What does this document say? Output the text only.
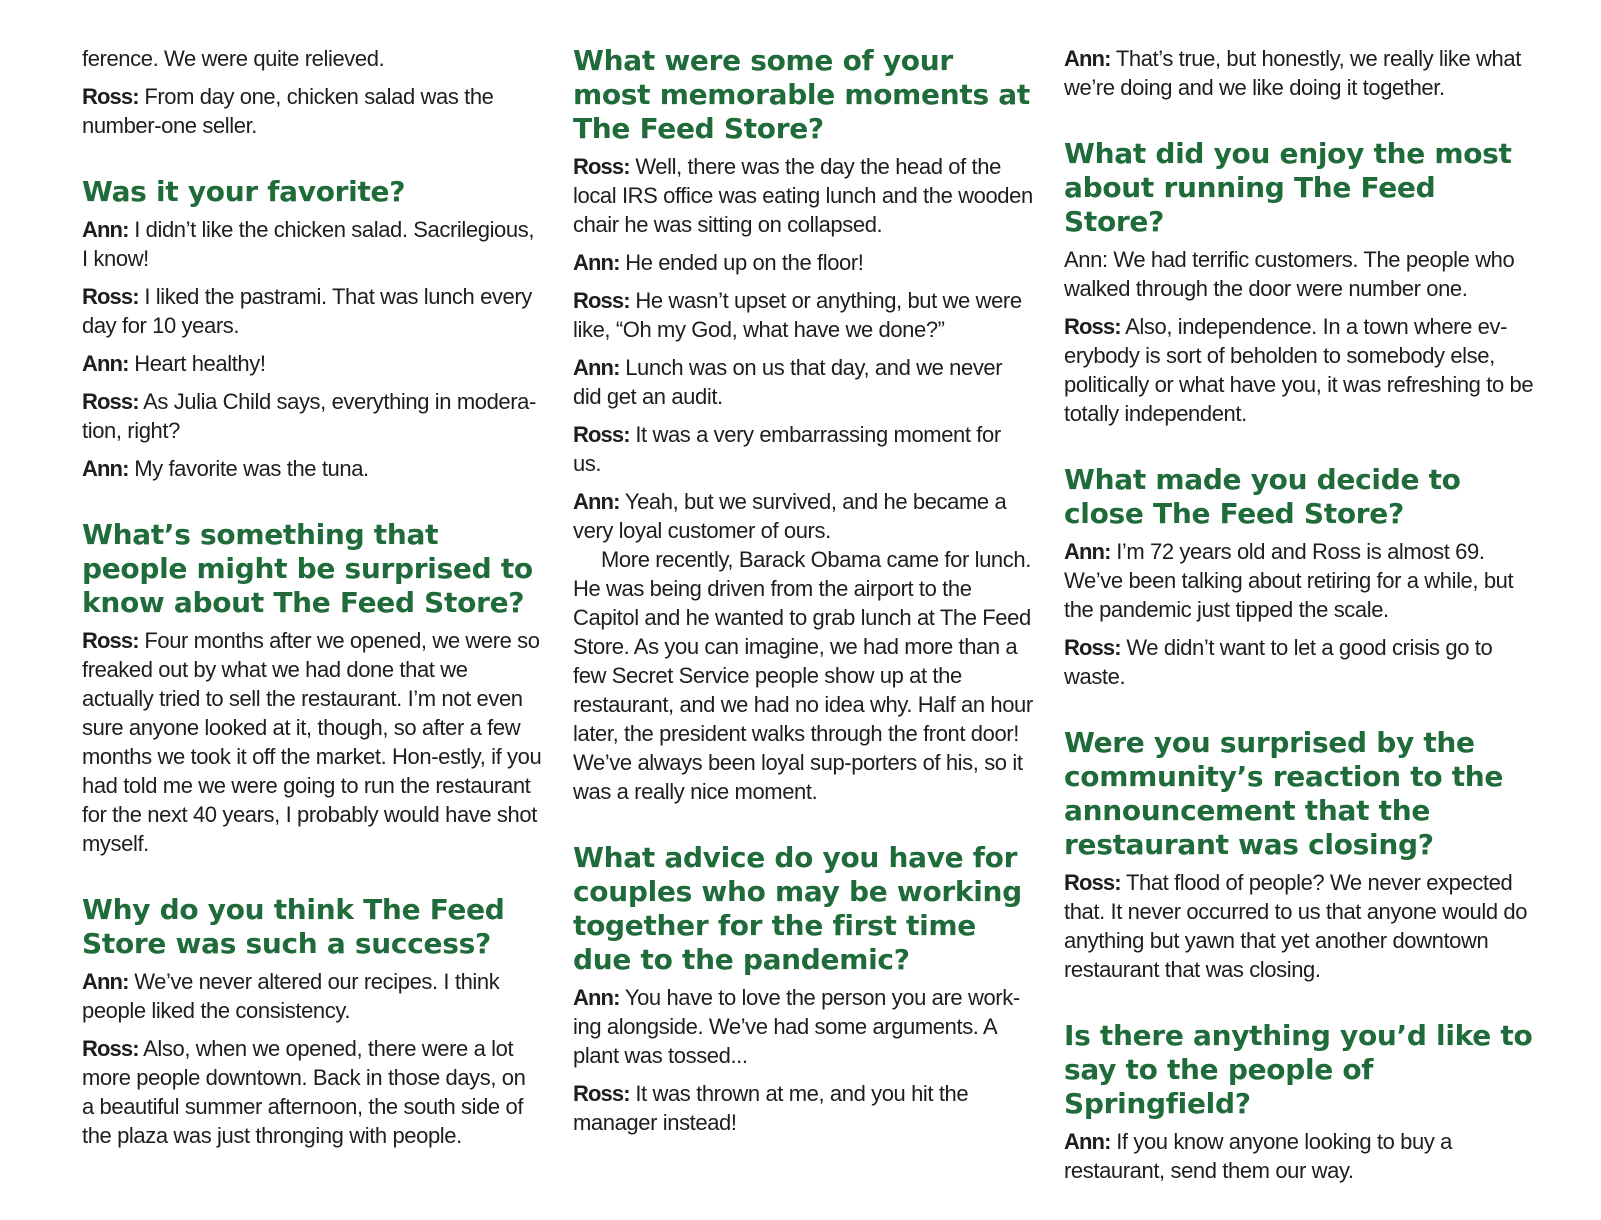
ference. We were quite relieved.

Ross: From day one, chicken salad was the number-one seller.

Was it your favorite?

Ann: I didn’t like the chicken salad. Sacrilegious, I know!

Ross: I liked the pastrami. That was lunch every day for 10 years.

Ann: Heart healthy!

Ross: As Julia Child says, everything in modera-tion, right?

Ann: My favorite was the tuna.

What’s something that people might be surprised to know about The Feed Store?

Ross: Four months after we opened, we were so freaked out by what we had done that we actually tried to sell the restaurant. I’m not even sure anyone looked at it, though, so after a few months we took it off the market. Hon-estly, if you had told me we were going to run the restaurant for the next 40 years, I probably would have shot myself.

Why do you think The Feed Store was such a success?

Ann: We’ve never altered our recipes. I think people liked the consistency.

Ross: Also, when we opened, there were a lot more people downtown. Back in those days, on a beautiful summer afternoon, the south side of the plaza was just thronging with people.

What were some of your most memorable moments at The Feed Store?

Ross: Well, there was the day the head of the local IRS office was eating lunch and the wooden chair he was sitting on collapsed.

Ann: He ended up on the floor!

Ross: He wasn’t upset or anything, but we were like, “Oh my God, what have we done?”

Ann: Lunch was on us that day, and we never did get an audit.

Ross: It was a very embarrassing moment for us.

Ann: Yeah, but we survived, and he became a very loyal customer of ours.

More recently, Barack Obama came for lunch. He was being driven from the airport to the Capitol and he wanted to grab lunch at The Feed Store. As you can imagine, we had more than a few Secret Service people show up at the restaurant, and we had no idea why. Half an hour later, the president walks through the front door! We’ve always been loyal sup-porters of his, so it was a really nice moment.

What advice do you have for couples who may be working together for the first time due to the pandemic?

Ann: You have to love the person you are work-ing alongside. We’ve had some arguments. A plant was tossed...

Ross: It was thrown at me, and you hit the manager instead!

Ann: That’s true, but honestly, we really like what we’re doing and we like doing it together.

What did you enjoy the most about running The Feed Store?

Ann: We had terrific customers. The people who walked through the door were number one.

Ross: Also, independence. In a town where ev-erybody is sort of beholden to somebody else, politically or what have you, it was refreshing to be totally independent.

What made you decide to close The Feed Store?

Ann: I’m 72 years old and Ross is almost 69. We’ve been talking about retiring for a while, but the pandemic just tipped the scale.

Ross: We didn’t want to let a good crisis go to waste.

Were you surprised by the community’s reaction to the announcement that the restaurant was closing?

Ross: That flood of people? We never expected that. It never occurred to us that anyone would do anything but yawn that yet another downtown restaurant that was closing.

Is there anything you’d like to say to the people of Springfield?

Ann: If you know anyone looking to buy a restaurant, send them our way.
